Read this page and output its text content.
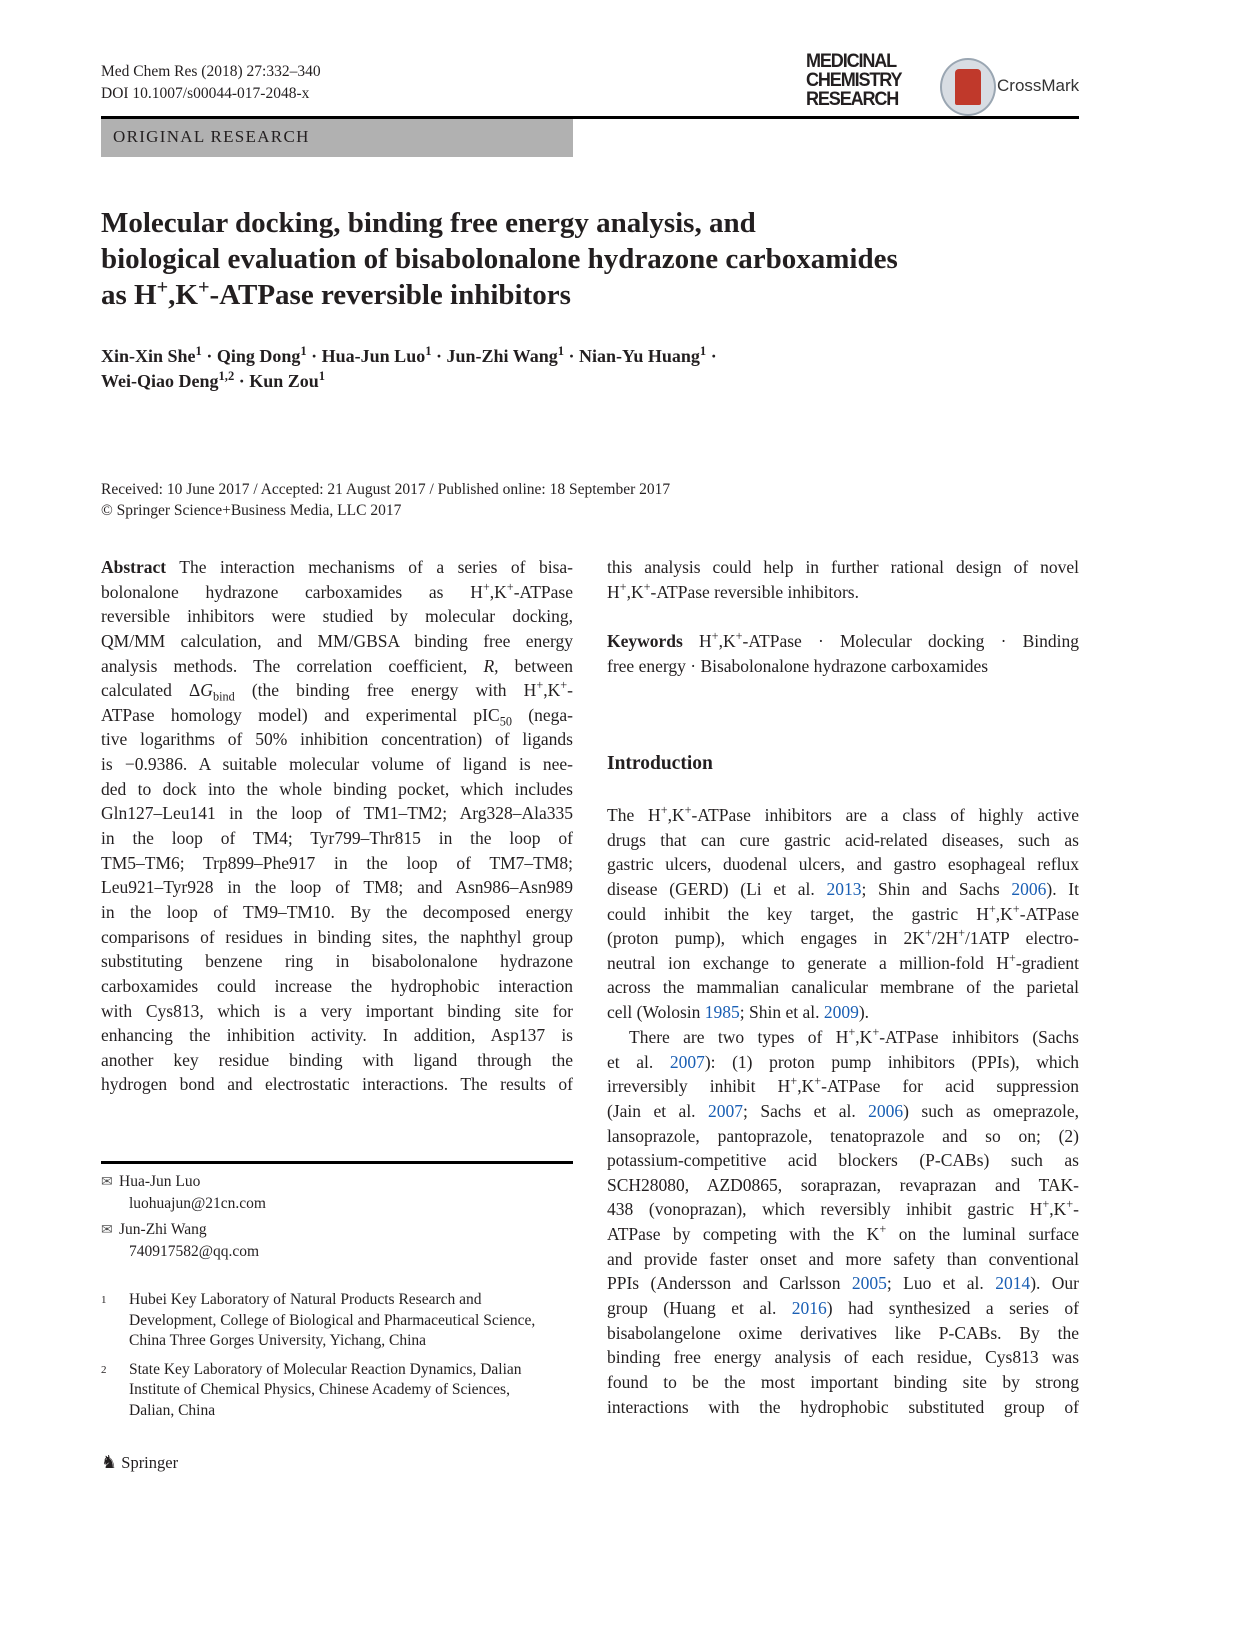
Med Chem Res (2018) 27:332–340
DOI 10.1007/s00044-017-2048-x
MEDICINAL
CHEMISTRY
RESEARCH
CrossMark
ORIGINAL RESEARCH
Molecular docking, binding free energy analysis, and
biological evaluation of bisabolonalone hydrazone carboxamides
as H+,K+-ATPase reversible inhibitors
Xin-Xin She$^1$ · Qing Dong$^1$ · Hua-Jun Luo$^1$ · Jun-Zhi Wang$^1$ · Nian-Yu Huang$^1$ ·
Wei-Qiao Deng$^{1,2}$ · Kun Zou$^1$
Received: 10 June 2017 / Accepted: 21 August 2017 / Published online: 18 September 2017
© Springer Science+Business Media, LLC 2017
Abstract The interaction mechanisms of a series of bisa-
bolonalone hydrazone carboxamides as H+,K+-ATPase
reversible inhibitors were studied by molecular docking,
QM/MM calculation, and MM/GBSA binding free energy
analysis methods. The correlation coefficient, R, between
calculated $\Delta G_{bind}$ (the binding free energy with H+,K+-
ATPase homology model) and experimental pIC$_{50}$ (nega-
tive logarithms of 50% inhibition concentration) of ligands
is −0.9386. A suitable molecular volume of ligand is nee-
ded to dock into the whole binding pocket, which includes
Gln127–Leu141 in the loop of TM1–TM2; Arg328–Ala335
in the loop of TM4; Tyr799–Thr815 in the loop of
TM5–TM6; Trp899–Phe917 in the loop of TM7–TM8;
Leu921–Tyr928 in the loop of TM8; and Asn986–Asn989
in the loop of TM9–TM10. By the decomposed energy
comparisons of residues in binding sites, the naphthyl group
substituting benzene ring in bisabolonalone hydrazone
carboxamides could increase the hydrophobic interaction
with Cys813, which is a very important binding site for
enhancing the inhibition activity. In addition, Asp137 is
another key residue binding with ligand through the
hydrogen bond and electrostatic interactions. The results of
✉ Hua-Jun Luo
luohuajun@21cn.com
✉ Jun-Zhi Wang
740917582@qq.com
1 Hubei Key Laboratory of Natural Products Research and
Development, College of Biological and Pharmaceutical Science,
China Three Gorges University, Yichang, China
2 State Key Laboratory of Molecular Reaction Dynamics, Dalian
Institute of Chemical Physics, Chinese Academy of Sciences,
Dalian, China
♞ Springer
this analysis could help in further rational design of novel
H+,K+-ATPase reversible inhibitors.
Keywords H+,K+-ATPase · Molecular docking · Binding
free energy · Bisabolonalone hydrazone carboxamides
Introduction
The H+,K+-ATPase inhibitors are a class of highly active
drugs that can cure gastric acid-related diseases, such as
gastric ulcers, duodenal ulcers, and gastro esophageal reflux
disease (GERD) (Li et al. 2013; Shin and Sachs 2006). It
could inhibit the key target, the gastric H+,K+-ATPase
(proton pump), which engages in 2K+/2H+/1ATP electro-
neutral ion exchange to generate a million-fold H+-gradient
across the mammalian canalicular membrane of the parietal
cell (Wolosin 1985; Shin et al. 2009).
There are two types of H+,K+-ATPase inhibitors (Sachs
et al. 2007): (1) proton pump inhibitors (PPIs), which
irreversibly inhibit H+,K+-ATPase for acid suppression
(Jain et al. 2007; Sachs et al. 2006) such as omeprazole,
lansoprazole, pantoprazole, tenatoprazole and so on; (2)
potassium-competitive acid blockers (P-CABs) such as
SCH28080, AZD0865, soraprazan, revaprazan and TAK-
438 (vonoprazan), which reversibly inhibit gastric H+,K+-
ATPase by competing with the K+ on the luminal surface
and provide faster onset and more safety than conventional
PPIs (Andersson and Carlsson 2005; Luo et al. 2014). Our
group (Huang et al. 2016) had synthesized a series of
bisabolangelone oxime derivatives like P-CABs. By the
binding free energy analysis of each residue, Cys813 was
found to be the most important binding site by strong
interactions with the hydrophobic substituted group of
